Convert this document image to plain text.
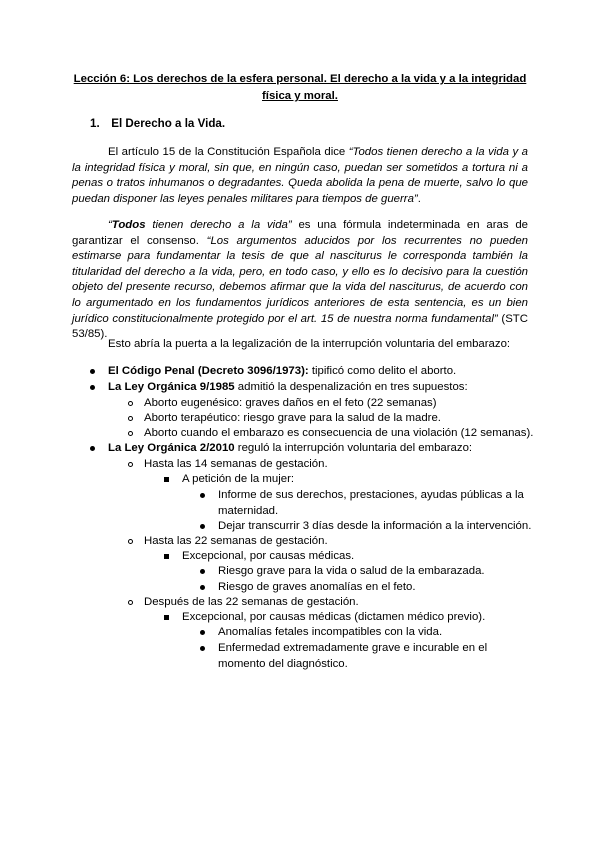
Lección 6: Los derechos de la esfera personal. El derecho a la vida y a la integridad física y moral.
1. El Derecho a la Vida.
El artículo 15 de la Constitución Española dice “Todos tienen derecho a la vida y a la integridad física y moral, sin que, en ningún caso, puedan ser sometidos a tortura ni a penas o tratos inhumanos o degradantes. Queda abolida la pena de muerte, salvo lo que puedan disponer las leyes penales militares para tiempos de guerra”.
“Todos tienen derecho a la vida” es una fórmula indeterminada en aras de garantizar el consenso. “Los argumentos aducidos por los recurrentes no pueden estimarse para fundamentar la tesis de que al nasciturus le corresponda también la titularidad del derecho a la vida, pero, en todo caso, y ello es lo decisivo para la cuestión objeto del presente recurso, debemos afirmar que la vida del nasciturus, de acuerdo con lo argumentado en los fundamentos jurídicos anteriores de esta sentencia, es un bien jurídico constitucionalmente protegido por el art. 15 de nuestra norma fundamental” (STC 53/85).
Esto abría la puerta a la legalización de la interrupción voluntaria del embarazo:
El Código Penal (Decreto 3096/1973): tipificó como delito el aborto.
La Ley Orgánica 9/1985 admitió la despenalización en tres supuestos:
Aborto eugenésico: graves daños en el feto (22 semanas)
Aborto terapéutico: riesgo grave para la salud de la madre.
Aborto cuando el embarazo es consecuencia de una violación (12 semanas).
La Ley Orgánica 2/2010 reguló la interrupción voluntaria del embarazo:
Hasta las 14 semanas de gestación.
A petición de la mujer:
Informe de sus derechos, prestaciones, ayudas públicas a la maternidad.
Dejar transcurrir 3 días desde la información a la intervención.
Hasta las 22 semanas de gestación.
Excepcional, por causas médicas.
Riesgo grave para la vida o salud de la embarazada.
Riesgo de graves anomalías en el feto.
Después de las 22 semanas de gestación.
Excepcional, por causas médicas (dictamen médico previo).
Anomalías fetales incompatibles con la vida.
Enfermedad extremadamente grave e incurable en el momento del diagnóstico.
